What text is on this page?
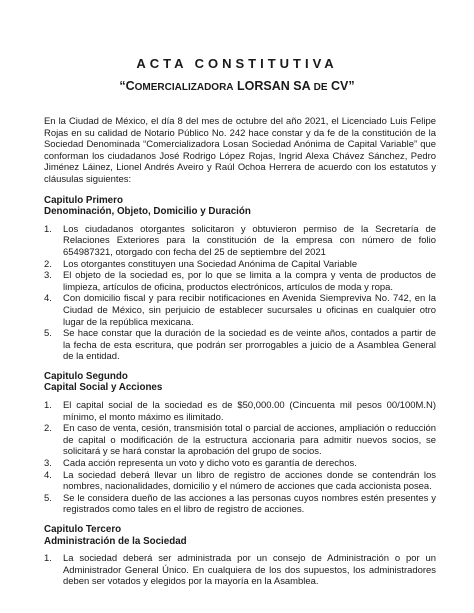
ACTA CONSTITUTIVA
“COMERCIALIZADORA LORSAN SA DE CV”

En la Ciudad de México, el día 8 del mes de octubre del año 2021, el Licenciado Luis Felipe Rojas en su calidad de Notario Público No. 242 hace constar y da fe de la constitución de la Sociedad Denominada “Comercializadora Losan Sociedad Anónima de Capital Variable” que conforman los ciudadanos José Rodrigo López Rojas, Ingrid Alexa Chávez Sánchez, Pedro Jiménez Láinez, Lionel Andrés Aveiro y Raúl Ochoa Herrera de acuerdo con los estatutos y cláusulas siguientes:

Capitulo Primero
Denominación, Objeto, Domicilio y Duración
1.	Los ciudadanos otorgantes solicitaron y obtuvieron permiso de la Secretaría de Relaciones Exteriores para la constitución de la empresa con número de folio 654987321, otorgado con fecha del 25 de septiembre del 2021
2.	Los otorgantes constituyen una Sociedad Anónima de Capital Variable
3.	El objeto de la sociedad es, por lo que se limita a la compra y venta de productos de limpieza, artículos de oficina, productos electrónicos, artículos de moda y ropa.
4.	Con domicilio fiscal y para recibir notificaciones en Avenida Siempreviva No. 742, en la Ciudad de México, sin perjuicio de establecer sucursales u oficinas en cualquier otro lugar de la república mexicana.
5.	Se hace constar que la duración de la sociedad es de veinte años, contados a partir de la fecha de esta escritura, que podrán ser prorrogables a juicio de a Asamblea General de la entidad.
Capitulo Segundo
Capital Social y Acciones
1.	El capital social de la sociedad es de $50,000.00 (Cincuenta mil pesos 00/100M.N) mínimo, el monto máximo es ilimitado.
2.	En caso de venta, cesión, transmisión total o parcial de acciones, ampliación o reducción de capital o modificación de la estructura accionaria para admitir nuevos socios, se solicitará y se hará constar la aprobación del grupo de socios.
3.	Cada acción representa un voto y dicho voto es garantía de derechos.
4.	La sociedad deberá llevar un libro de registro de acciones donde se contendrán los nombres, nacionalidades, domicilio y el número de acciones que cada accionista posea.
5.	Se le considera dueño de las acciones a las personas cuyos nombres estén presentes y registrados como tales en el libro de registro de acciones.
Capitulo Tercero
Administración de la Sociedad
1.	La sociedad deberá ser administrada por un consejo de Administración o por un Administrador General Único. En cualquiera de los dos supuestos, los administradores deben ser votados y elegidos por la mayoría en la Asamblea.
